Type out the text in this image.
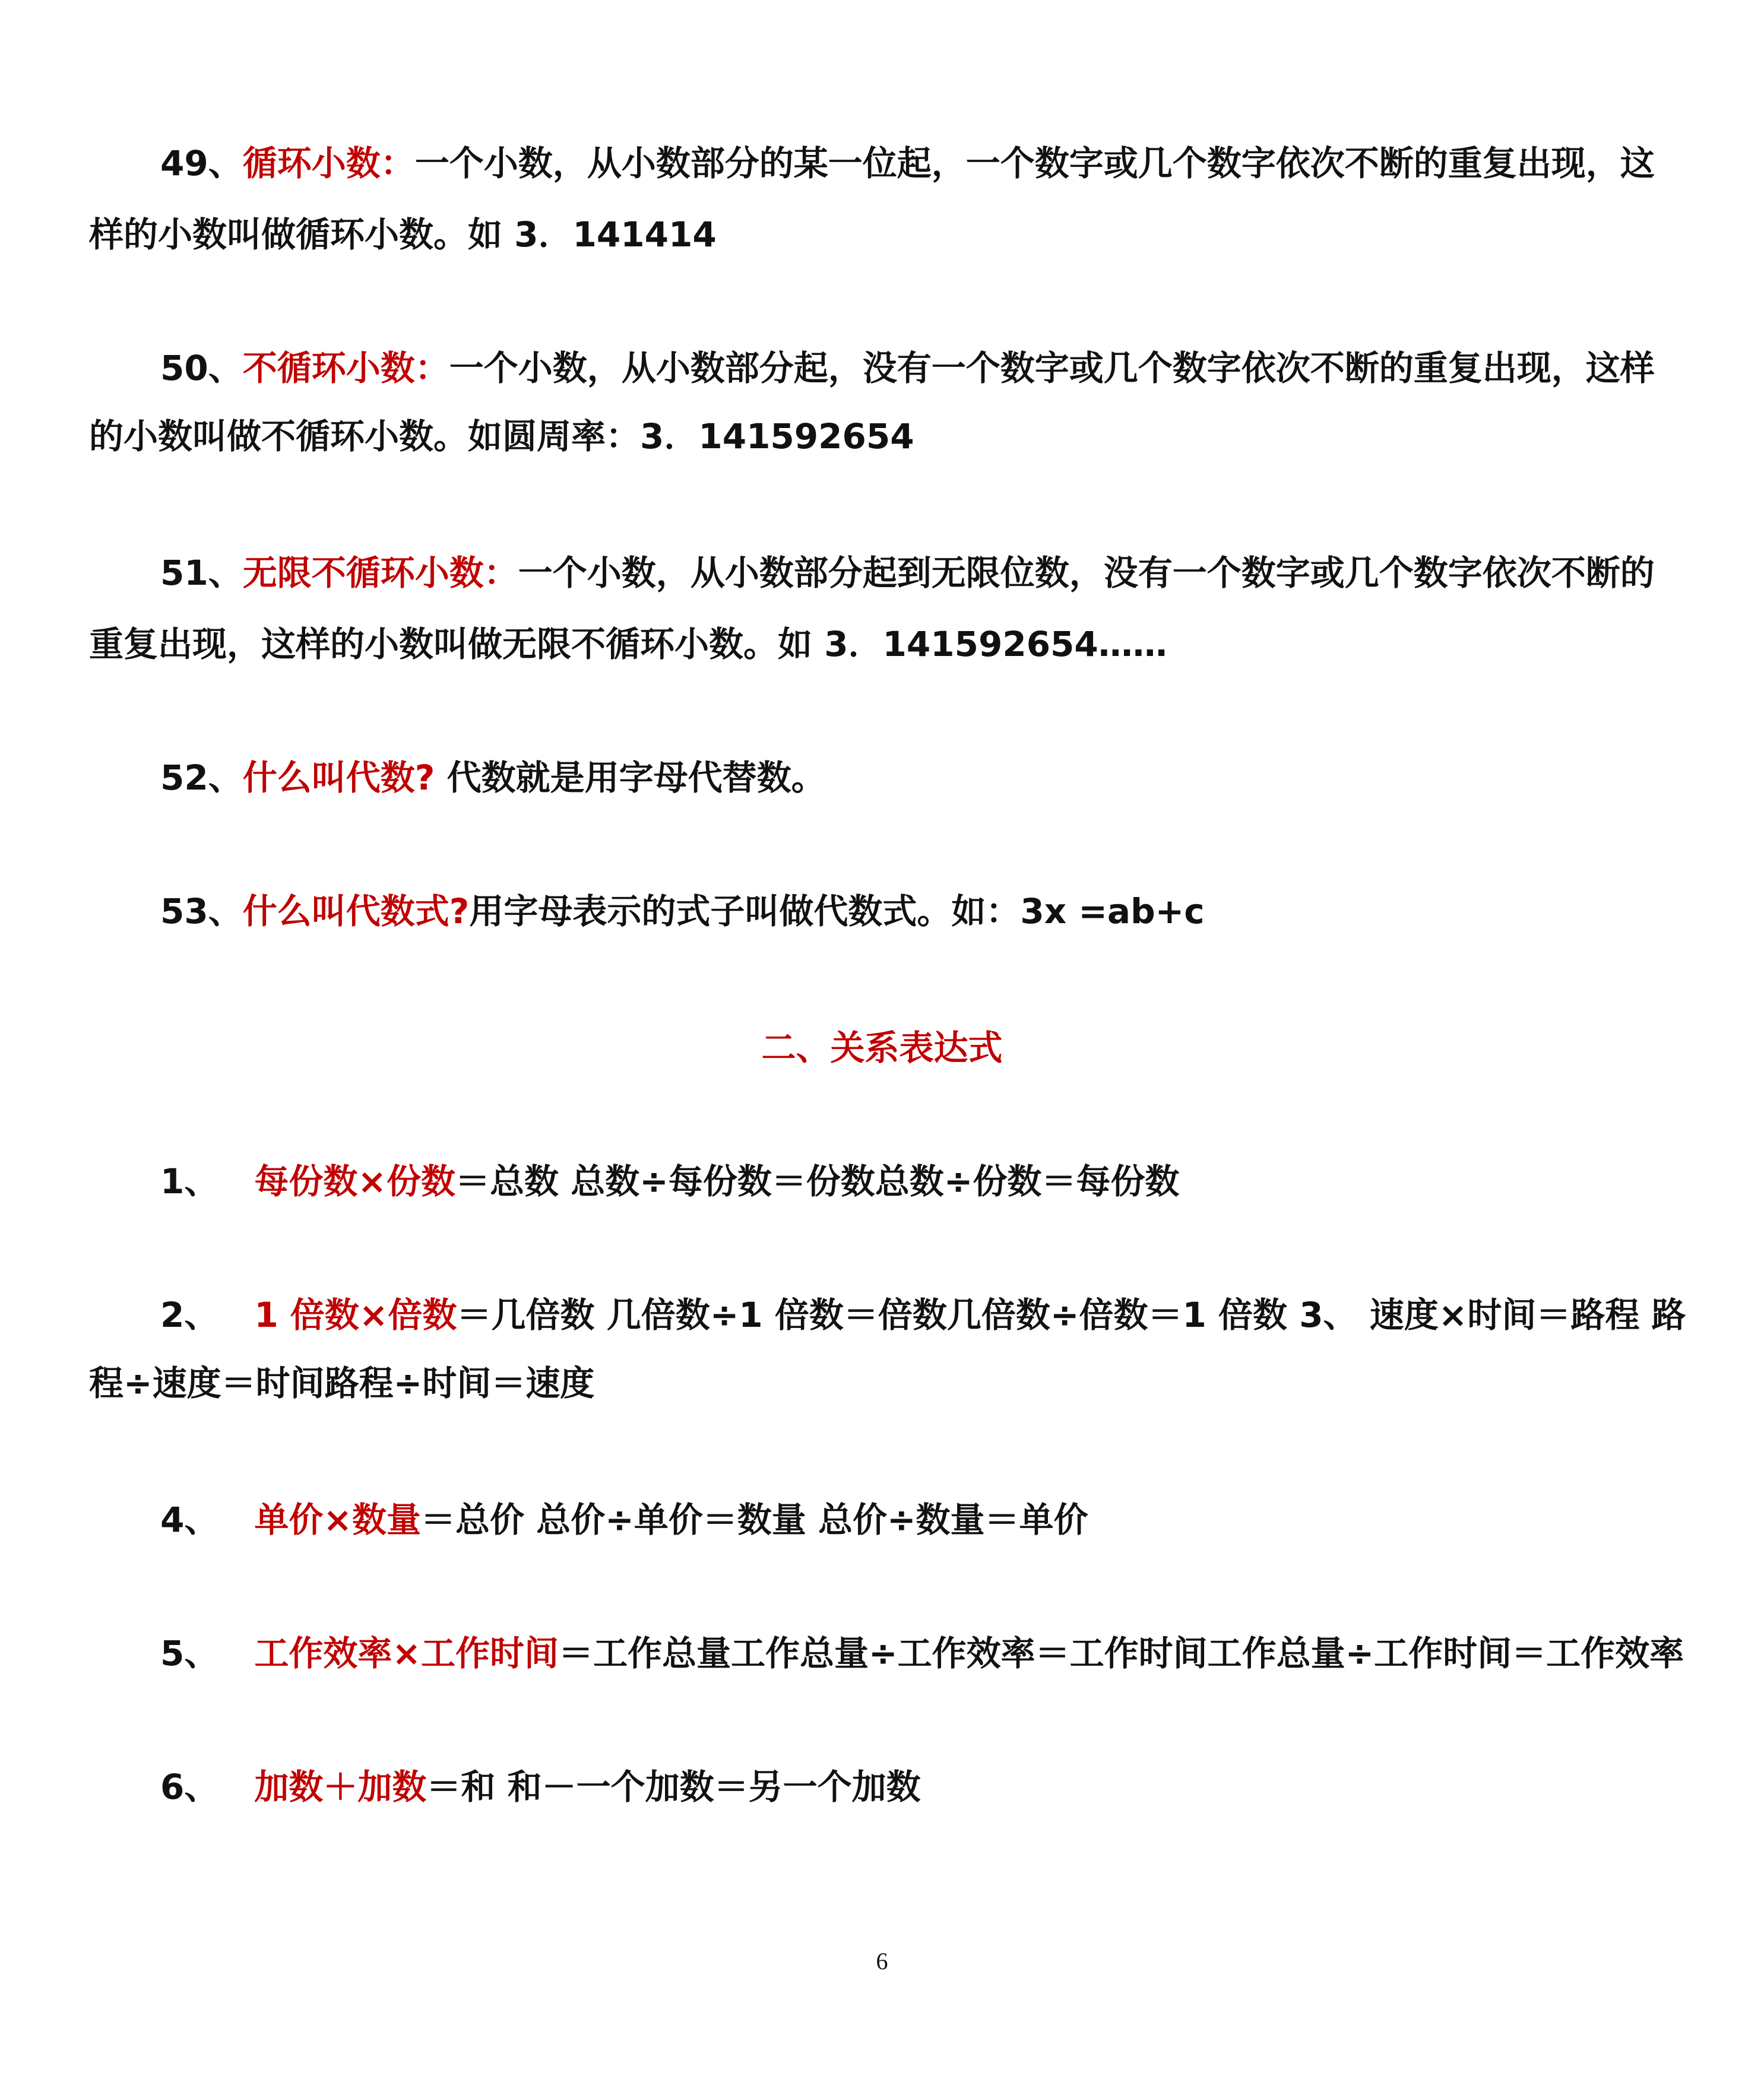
49、循环小数：一个小数，从小数部分的某一位起，一个数字或几个数字依次不断的重复出现，这
样的小数叫做循环小数。如 3．141414
50、不循环小数：一个小数，从小数部分起，没有一个数字或几个数字依次不断的重复出现，这样
的小数叫做不循环小数。如圆周率：3．141592654
51、无限不循环小数：一个小数，从小数部分起到无限位数，没有一个数字或几个数字依次不断的
重复出现，这样的小数叫做无限不循环小数。如 3．141592654……
52、什么叫代数? 代数就是用字母代替数。
53、什么叫代数式?用字母表示的式子叫做代数式。如：3x =ab+c
二、关系表达式
1、 每份数×份数＝总数 总数÷每份数＝份数总数÷份数＝每份数
2、 1 倍数×倍数＝几倍数 几倍数÷1 倍数＝倍数几倍数÷倍数＝1 倍数 3、 速度×时间＝路程 路
程÷速度＝时间路程÷时间＝速度
4、 单价×数量＝总价 总价÷单价＝数量 总价÷数量＝单价
5、 工作效率×工作时间＝工作总量工作总量÷工作效率＝工作时间工作总量÷工作时间＝工作效率
6、 加数＋加数＝和 和－一个加数＝另一个加数
6
